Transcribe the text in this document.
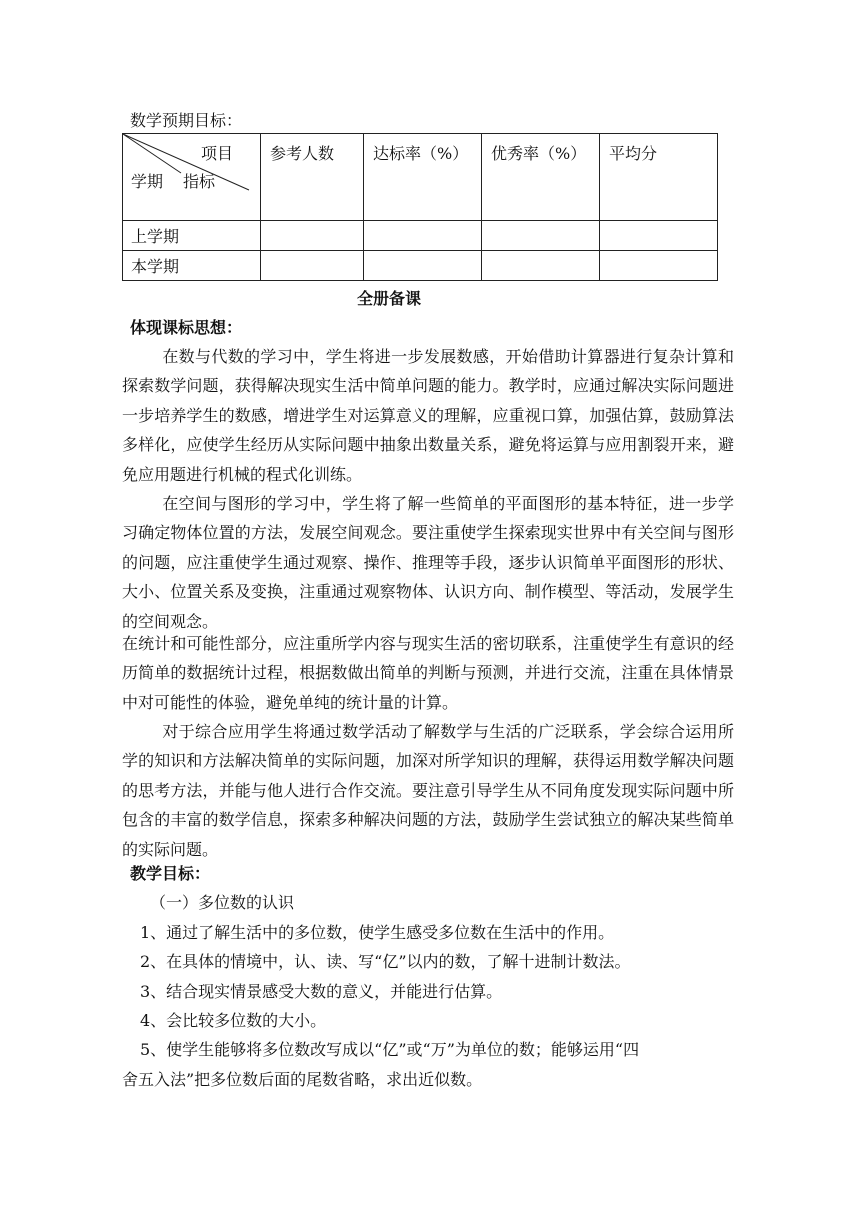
数学预期目标：
项目
指标
学期	参考人数	达标率（%）	优秀率（%）	平均分
上学期				
本学期				
全册备课
体现课标思想：
在数与代数的学习中，学生将进一步发展数感，开始借助计算器进行复杂计算和探索数学问题，获得解决现实生活中简单问题的能力。教学时，应通过解决实际问题进一步培养学生的数感，增进学生对运算意义的理解，应重视口算，加强估算，鼓励算法多样化，应使学生经历从实际问题中抽象出数量关系，避免将运算与应用割裂开来，避免应用题进行机械的程式化训练。
在空间与图形的学习中，学生将了解一些简单的平面图形的基本特征，进一步学习确定物体位置的方法，发展空间观念。要注重使学生探索现实世界中有关空间与图形的问题，应注重使学生通过观察、操作、推理等手段，逐步认识简单平面图形的形状、大小、位置关系及变换，注重通过观察物体、认识方向、制作模型、等活动，发展学生的空间观念。
在统计和可能性部分，应注重所学内容与现实生活的密切联系，注重使学生有意识的经历简单的数据统计过程，根据数做出简单的判断与预测，并进行交流，注重在具体情景中对可能性的体验，避免单纯的统计量的计算。
对于综合应用学生将通过数学活动了解数学与生活的广泛联系，学会综合运用所学的知识和方法解决简单的实际问题，加深对所学知识的理解，获得运用数学解决问题的思考方法，并能与他人进行合作交流。要注意引导学生从不同角度发现实际问题中所包含的丰富的数学信息，探索多种解决问题的方法，鼓励学生尝试独立的解决某些简单的实际问题。
教学目标：
（一）多位数的认识
1、通过了解生活中的多位数，使学生感受多位数在生活中的作用。
2、在具体的情境中，认、读、写“亿”以内的数，了解十进制计数法。
3、结合现实情景感受大数的意义，并能进行估算。
4、会比较多位数的大小。
5、使学生能够将多位数改写成以“亿”或“万”为单位的数；能够运用“四
舍五入法”把多位数后面的尾数省略，求出近似数。
